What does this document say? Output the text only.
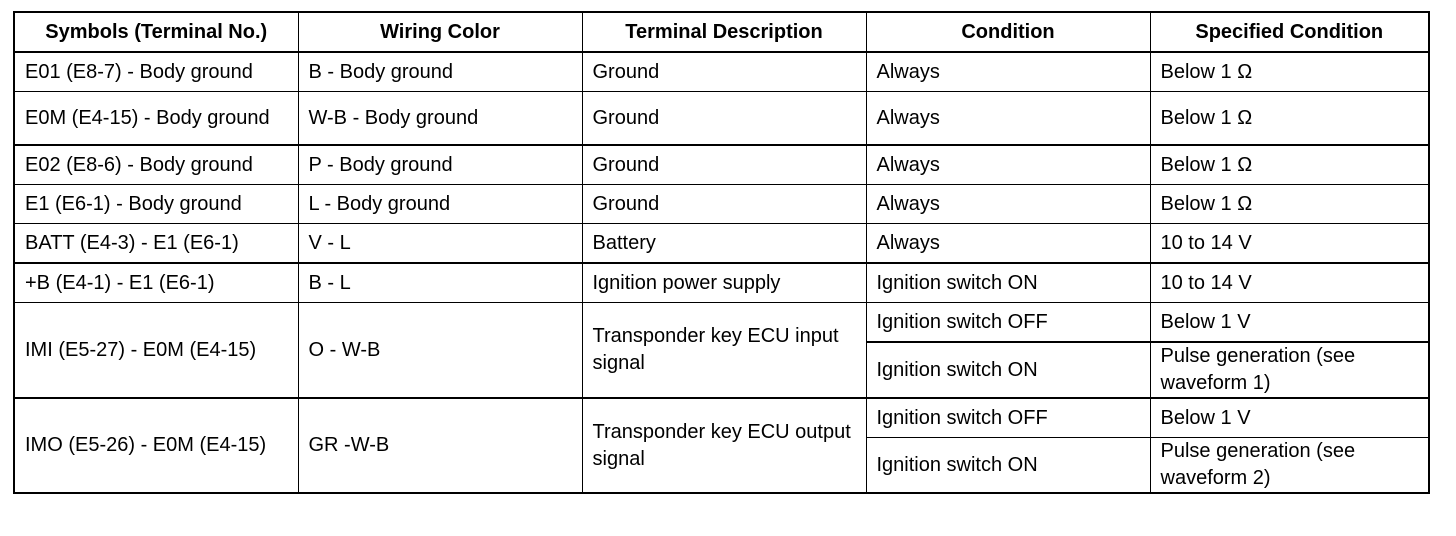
Symbols (Terminal No.)	Wiring Color	Terminal Description	Condition	Specified Condition
E01 (E8-7) - Body ground	B - Body ground	Ground	Always	Below 1 Ω
E0M (E4-15) - Body ground	W-B - Body ground	Ground	Always	Below 1 Ω
E02 (E8-6) - Body ground	P - Body ground	Ground	Always	Below 1 Ω
E1 (E6-1) - Body ground	L - Body ground	Ground	Always	Below 1 Ω
BATT (E4-3) - E1 (E6-1)	V - L	Battery	Always	10 to 14 V
+B (E4-1) - E1 (E6-1)	B - L	Ignition power supply	Ignition switch ON	10 to 14 V
IMI (E5-27) - E0M (E4-15)	O - W-B	Transponder key ECU input signal	Ignition switch OFF	Below 1 V
			Ignition switch ON	Pulse generation (see waveform 1)
IMO (E5-26) - E0M (E4-15)	GR -W-B	Transponder key ECU output signal	Ignition switch OFF	Below 1 V
			Ignition switch ON	Pulse generation (see waveform 2)
